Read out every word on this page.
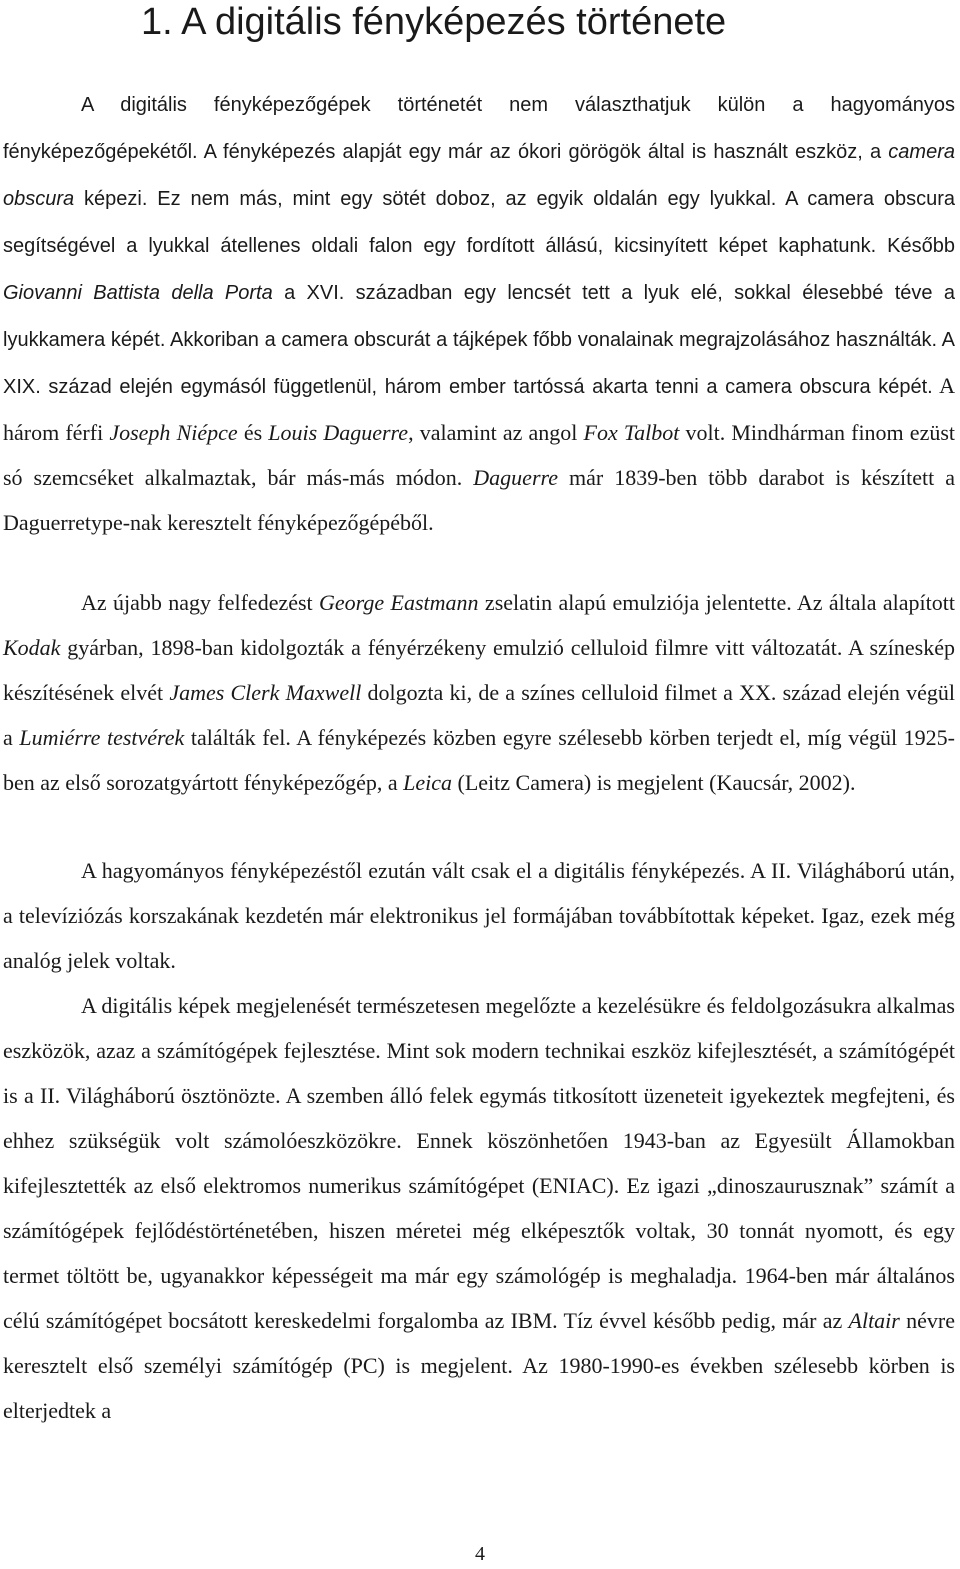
1. A digitális fényképezés története

A digitális fényképezőgépek történetét nem választhatjuk külön a hagyományos fényképezőgépekétől. A fényképezés alapját egy már az ókori görögök által is használt eszköz, a camera obscura képezi. Ez nem más, mint egy sötét doboz, az egyik oldalán egy lyukkal. A camera obscura segítségével a lyukkal átellenes oldali falon egy fordított állású, kicsinyített képet kaphatunk. Később Giovanni Battista della Porta a XVI. században egy lencsét tett a lyuk elé, sokkal élesebbé téve a lyukkamera képét. Akkoriban a camera obscurát a tájképek főbb vonalainak megrajzolásához használták. A XIX. század elején egymásól függetlenül, három ember tartóssá akarta tenni a camera obscura képét. A három férfi Joseph Niépce és Louis Daguerre, valamint az angol Fox Talbot volt. Mindhárman finom ezüst só szemcséket alkalmaztak, bár más-más módon. Daguerre már 1839-ben több darabot is készített a Daguerretype-nak keresztelt fényképezőgépéből.

Az újabb nagy felfedezést George Eastmann zselatin alapú emulziója jelentette. Az általa alapított Kodak gyárban, 1898-ban kidolgozták a fényérzékeny emulzió celluloid filmre vitt változatát. A színeskép készítésének elvét James Clerk Maxwell dolgozta ki, de a színes celluloid filmet a XX. század elején végül a Lumiérre testvérek találták fel. A fényképezés közben egyre szélesebb körben terjedt el, míg végül 1925-ben az első sorozatgyártott fényképezőgép, a Leica (Leitz Camera) is megjelent (Kaucsár, 2002).

A hagyományos fényképezéstől ezután vált csak el a digitális fényképezés. A II. Világháború után, a televíziózás korszakának kezdetén már elektronikus jel formájában továbbítottak képeket. Igaz, ezek még analóg jelek voltak.

A digitális képek megjelenését természetesen megelőzte a kezelésükre és feldolgozásukra alkalmas eszközök, azaz a számítógépek fejlesztése. Mint sok modern technikai eszköz kifejlesztését, a számítógépét is a II. Világháború ösztönözte. A szemben álló felek egymás titkosított üzeneteit igyekeztek megfejteni, és ehhez szükségük volt számolóeszközökre. Ennek köszönhetően 1943-ban az Egyesült Államokban kifejlesztették az első elektromos numerikus számítógépet (ENIAC). Ez igazi „dinoszaurusznak” számít a számítógépek fejlődéstörténetében, hiszen méretei még elképesztők voltak, 30 tonnát nyomott, és egy termet töltött be, ugyanakkor képességeit ma már egy számológép is meghaladja. 1964-ben már általános célú számítógépet bocsátott kereskedelmi forgalomba az IBM. Tíz évvel később pedig, már az Altair névre keresztelt első személyi számítógép (PC) is megjelent. Az 1980-1990-es években szélesebb körben is elterjedtek a

4
